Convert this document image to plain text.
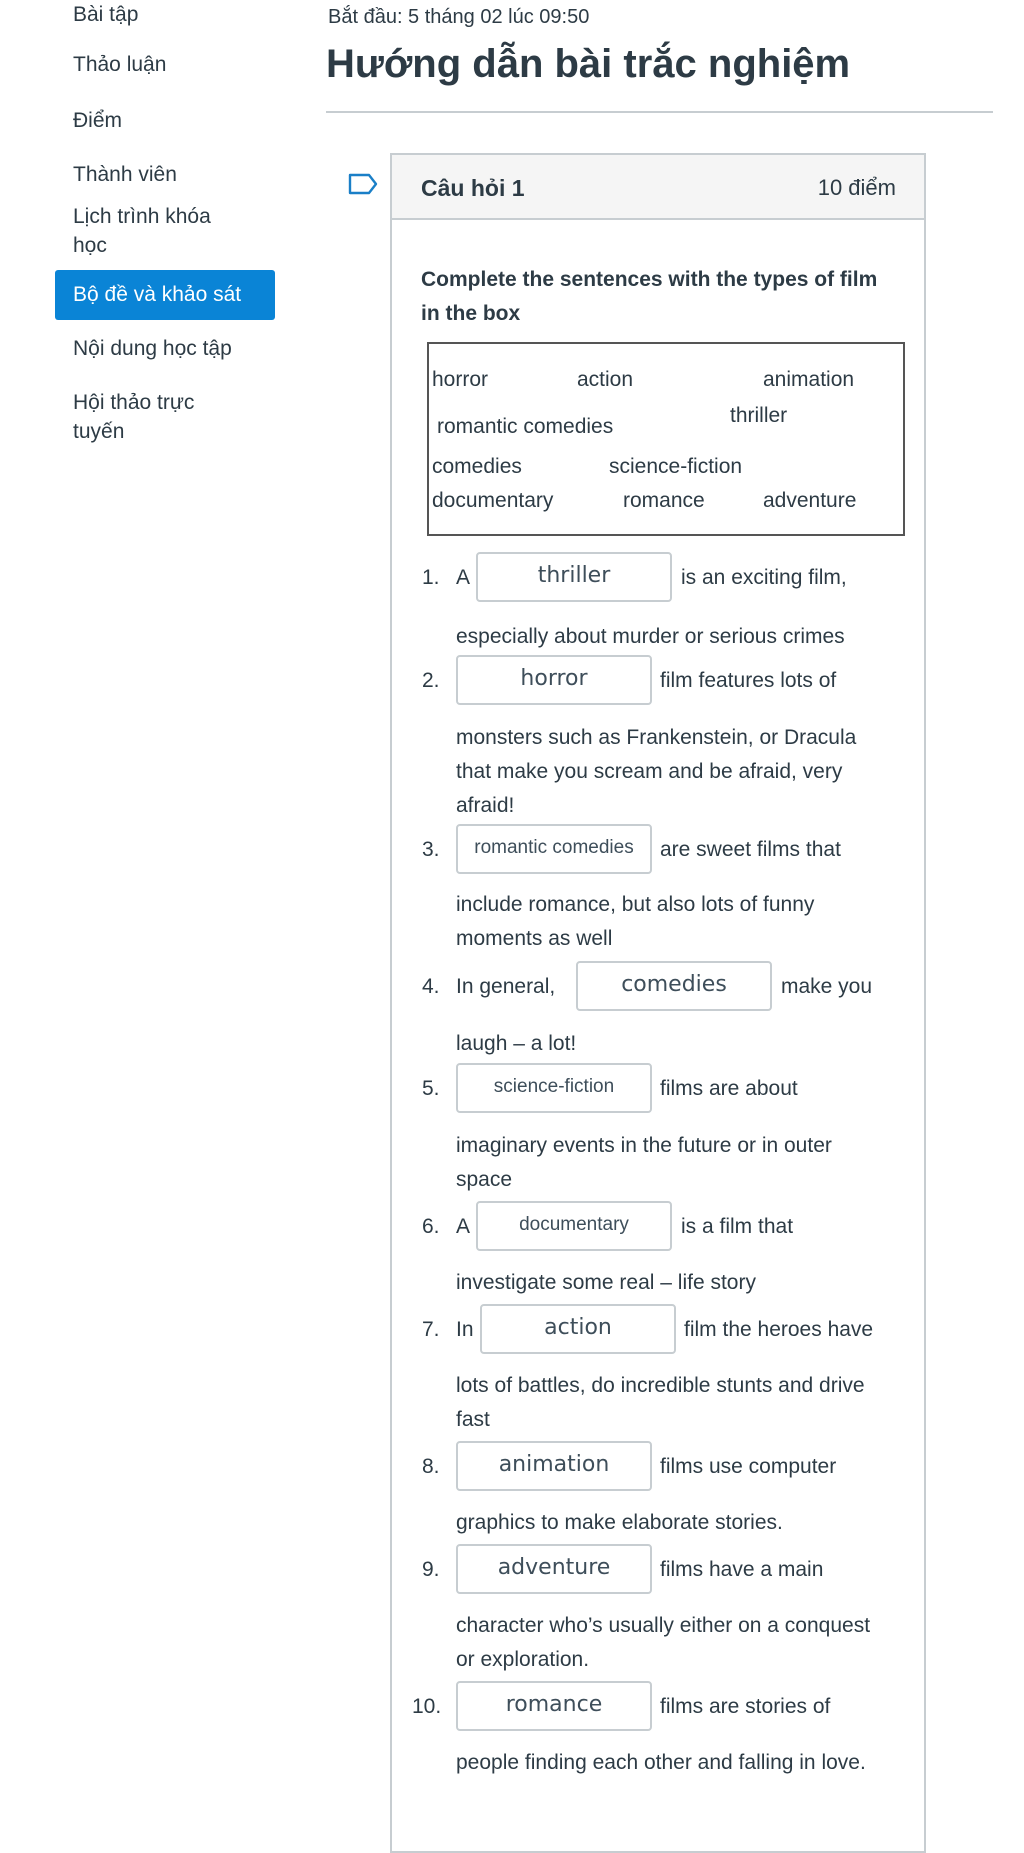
Bài tập
Thảo luận
Điểm
Thành viên
Lịch trình khóa học
Bộ đề và khảo sát
Nội dung học tập
Hội thảo trực tuyến
Bắt đầu: 5 tháng 02 lúc 09:50
Hướng dẫn bài trắc nghiệm
Câu hỏi 1	10 điểm
Complete the sentences with the types of film in the box
horror	action	animation
romantic comedies	thriller
comedies	science-fiction
documentary	romance	adventure
1. A	thriller	is an exciting film,
especially about murder or serious crimes
2.	horror	film features lots of
monsters such as Frankenstein, or Dracula
that make you scream and be afraid, very
afraid!
3.	romantic comedies	are sweet films that
include romance, but also lots of funny
moments as well
4. In general,	comedies	make you
laugh – a lot!
5.	science-fiction	films are about
imaginary events in the future or in outer
space
6. A	documentary	is a film that
investigate some real – life story
7. In	action	film the heroes have
lots of battles, do incredible stunts and drive
fast
8.	animation	films use computer
graphics to make elaborate stories.
9.	adventure	films have a main
character who’s usually either on a conquest
or exploration.
10.	romance	films are stories of
people finding each other and falling in love.
